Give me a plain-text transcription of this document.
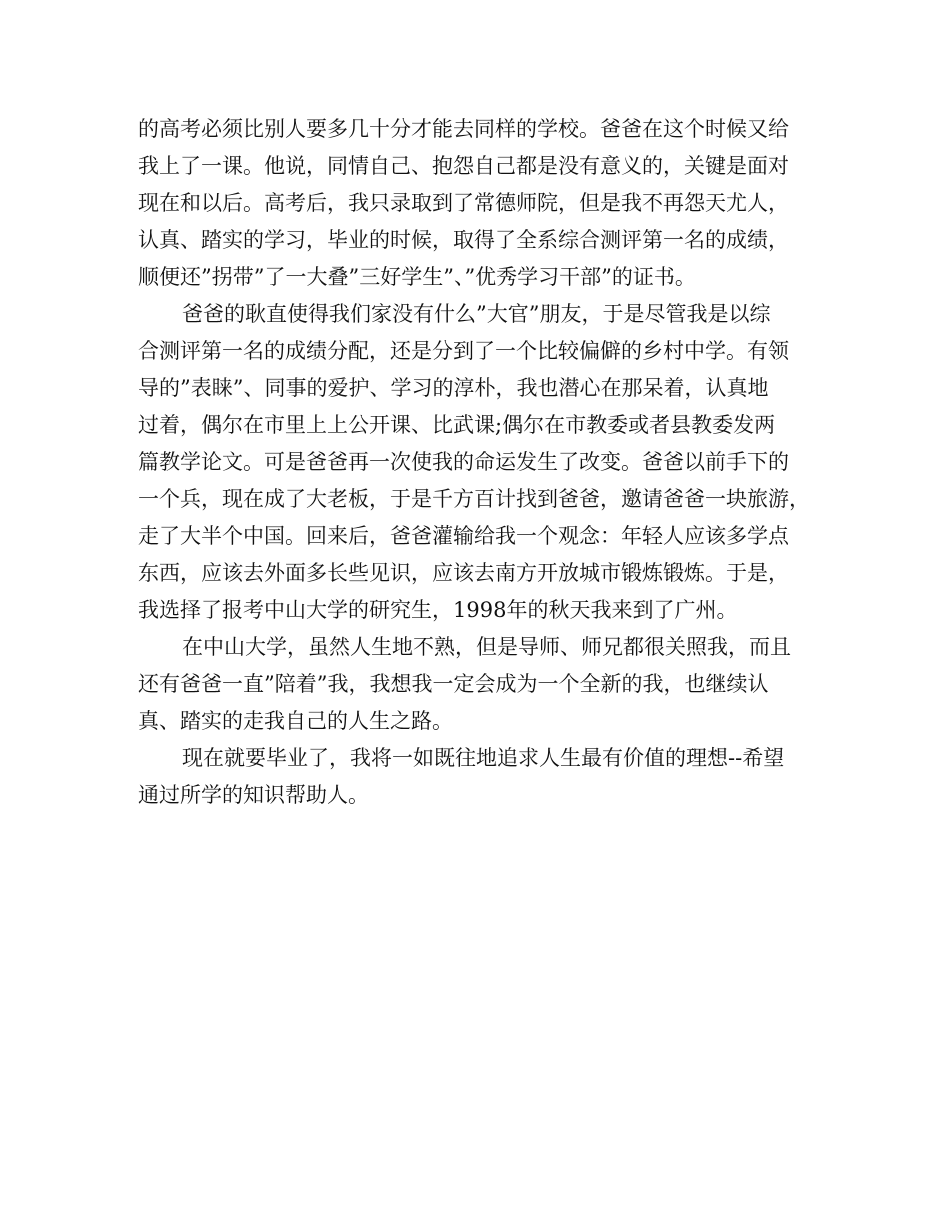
的高考必须比别人要多几十分才能去同样的学校。爸爸在这个时候又给
我上了一课。他说，同情自己、抱怨自己都是没有意义的，关键是面对
现在和以后。高考后，我只录取到了常德师院，但是我不再怨天尤人，
认真、踏实的学习，毕业的时候，取得了全系综合测评第一名的成绩，
顺便还”拐带”了一大叠”三好学生”、”优秀学习干部”的证书。
爸爸的耿直使得我们家没有什么”大官”朋友，于是尽管我是以综
合测评第一名的成绩分配，还是分到了一个比较偏僻的乡村中学。有领
导的”表睐”、同事的爱护、学习的淳朴，我也潜心在那呆着，认真地
过着，偶尔在市里上上公开课、比武课;偶尔在市教委或者县教委发两
篇教学论文。可是爸爸再一次使我的命运发生了改变。爸爸以前手下的
一个兵，现在成了大老板，于是千方百计找到爸爸，邀请爸爸一块旅游，
走了大半个中国。回来后，爸爸灌输给我一个观念：年轻人应该多学点
东西，应该去外面多长些见识，应该去南方开放城市锻炼锻炼。于是，
我选择了报考中山大学的研究生，1998年的秋天我来到了广州。
在中山大学，虽然人生地不熟，但是导师、师兄都很关照我，而且
还有爸爸一直”陪着”我，我想我一定会成为一个全新的我，也继续认
真、踏实的走我自己的人生之路。
现在就要毕业了，我将一如既往地追求人生最有价值的理想--希望
通过所学的知识帮助人。
